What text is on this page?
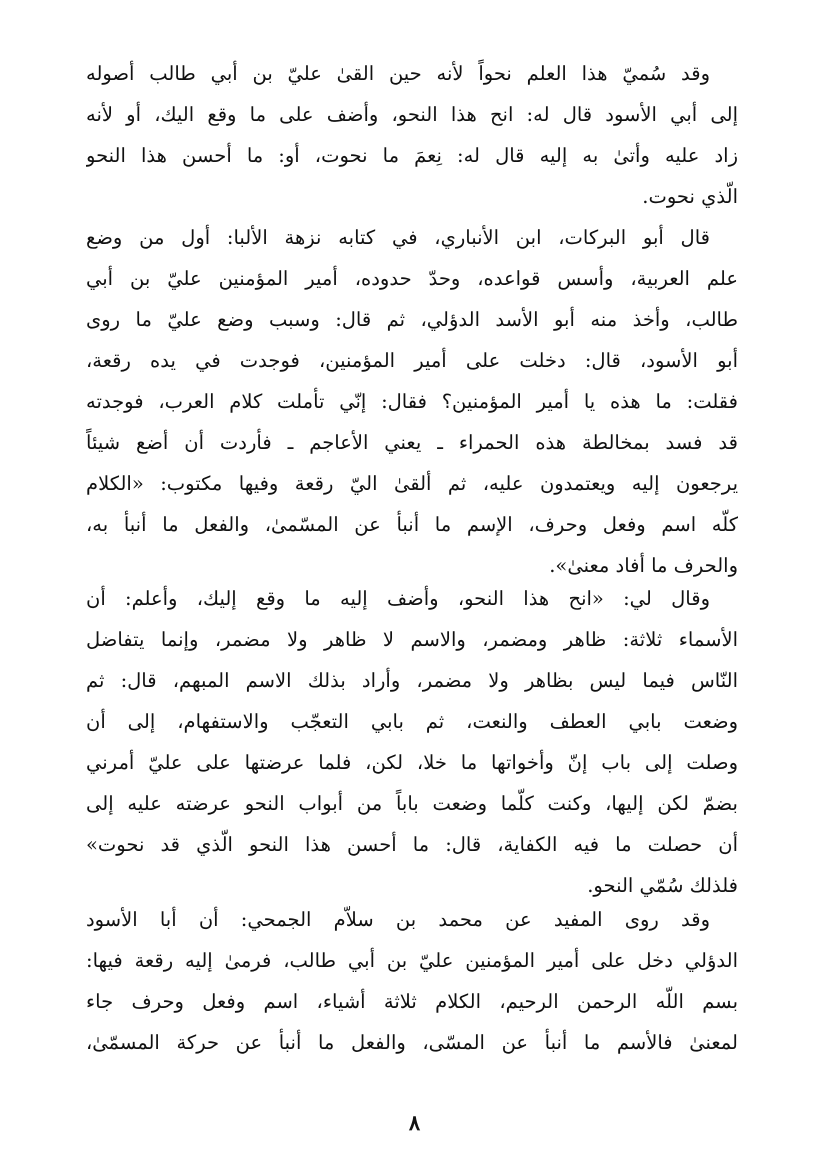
وقد سُميّ هذا العلم نحواً لأنه حين القىٰ عليّ بن أبي طالب أصوله
إلى أبي الأسود قال له: انح هذا النحو، وأضف على ما وقع اليك، أو لأنه
زاد عليه وأتىٰ به إليه قال له: نِعمَ ما نحوت، أو: ما أحسن هذا النحو
الّذي نحوت.
قال أبو البركات، ابن الأنباري، في كتابه نزهة الألبا: أول من وضع
علم العربية، وأسس قواعده، وحدّ حدوده، أمير المؤمنين عليّ بن أبي
طالب، وأخذ منه أبو الأسد الدؤلي، ثم قال: وسبب وضع عليّ ما روى
أبو الأسود، قال: دخلت على أمير المؤمنين، فوجدت في يده رقعة،
فقلت: ما هذه يا أمير المؤمنين؟ فقال: إنّي تأملت كلام العرب، فوجدته
قد فسد بمخالطة هذه الحمراء ـ يعني الأعاجم ـ فأردت أن أضع شيئاً
يرجعون إليه ويعتمدون عليه، ثم ألقىٰ اليّ رقعة وفيها مكتوب: «الكلام
كلّه اسم وفعل وحرف، الإسم ما أنبأ عن المسّمىٰ، والفعل ما أنبأ به،
والحرف ما أفاد معنىٰ».
وقال لي: «انح هذا النحو، وأضف إليه ما وقع إليك، وأعلم: أن
الأسماء ثلاثة: ظاهر ومضمر، والاسم لا ظاهر ولا مضمر، وإنما يتفاضل
النّاس فيما ليس بظاهر ولا مضمر، وأراد بذلك الاسم المبهم، قال: ثم
وضعت بابي العطف والنعت، ثم بابي التعجّب والاستفهام، إلى أن
وصلت إلى باب إنّ وأخواتها ما خلا، لكن، فلما عرضتها على عليّ أمرني
بضمّ لكن إليها، وكنت كلّما وضعت باباً من أبواب النحو عرضته عليه إلى
أن حصلت ما فيه الكفاية، قال: ما أحسن هذا النحو الّذي قد نحوت»
فلذلك سُمّي النحو.
وقد روى المفيد عن محمد بن سلاّم الجمحي: أن أبا الأسود
الدؤلي دخل على أمير المؤمنين عليّ بن أبي طالب، فرمىٰ إليه رقعة فيها:
بسم اللّه الرحمن الرحيم، الكلام ثلاثة أشياء، اسم وفعل وحرف جاء
لمعنىٰ فالأسم ما أنبأ عن المسّى، والفعل ما أنبأ عن حركة المسمّىٰ،
٨
